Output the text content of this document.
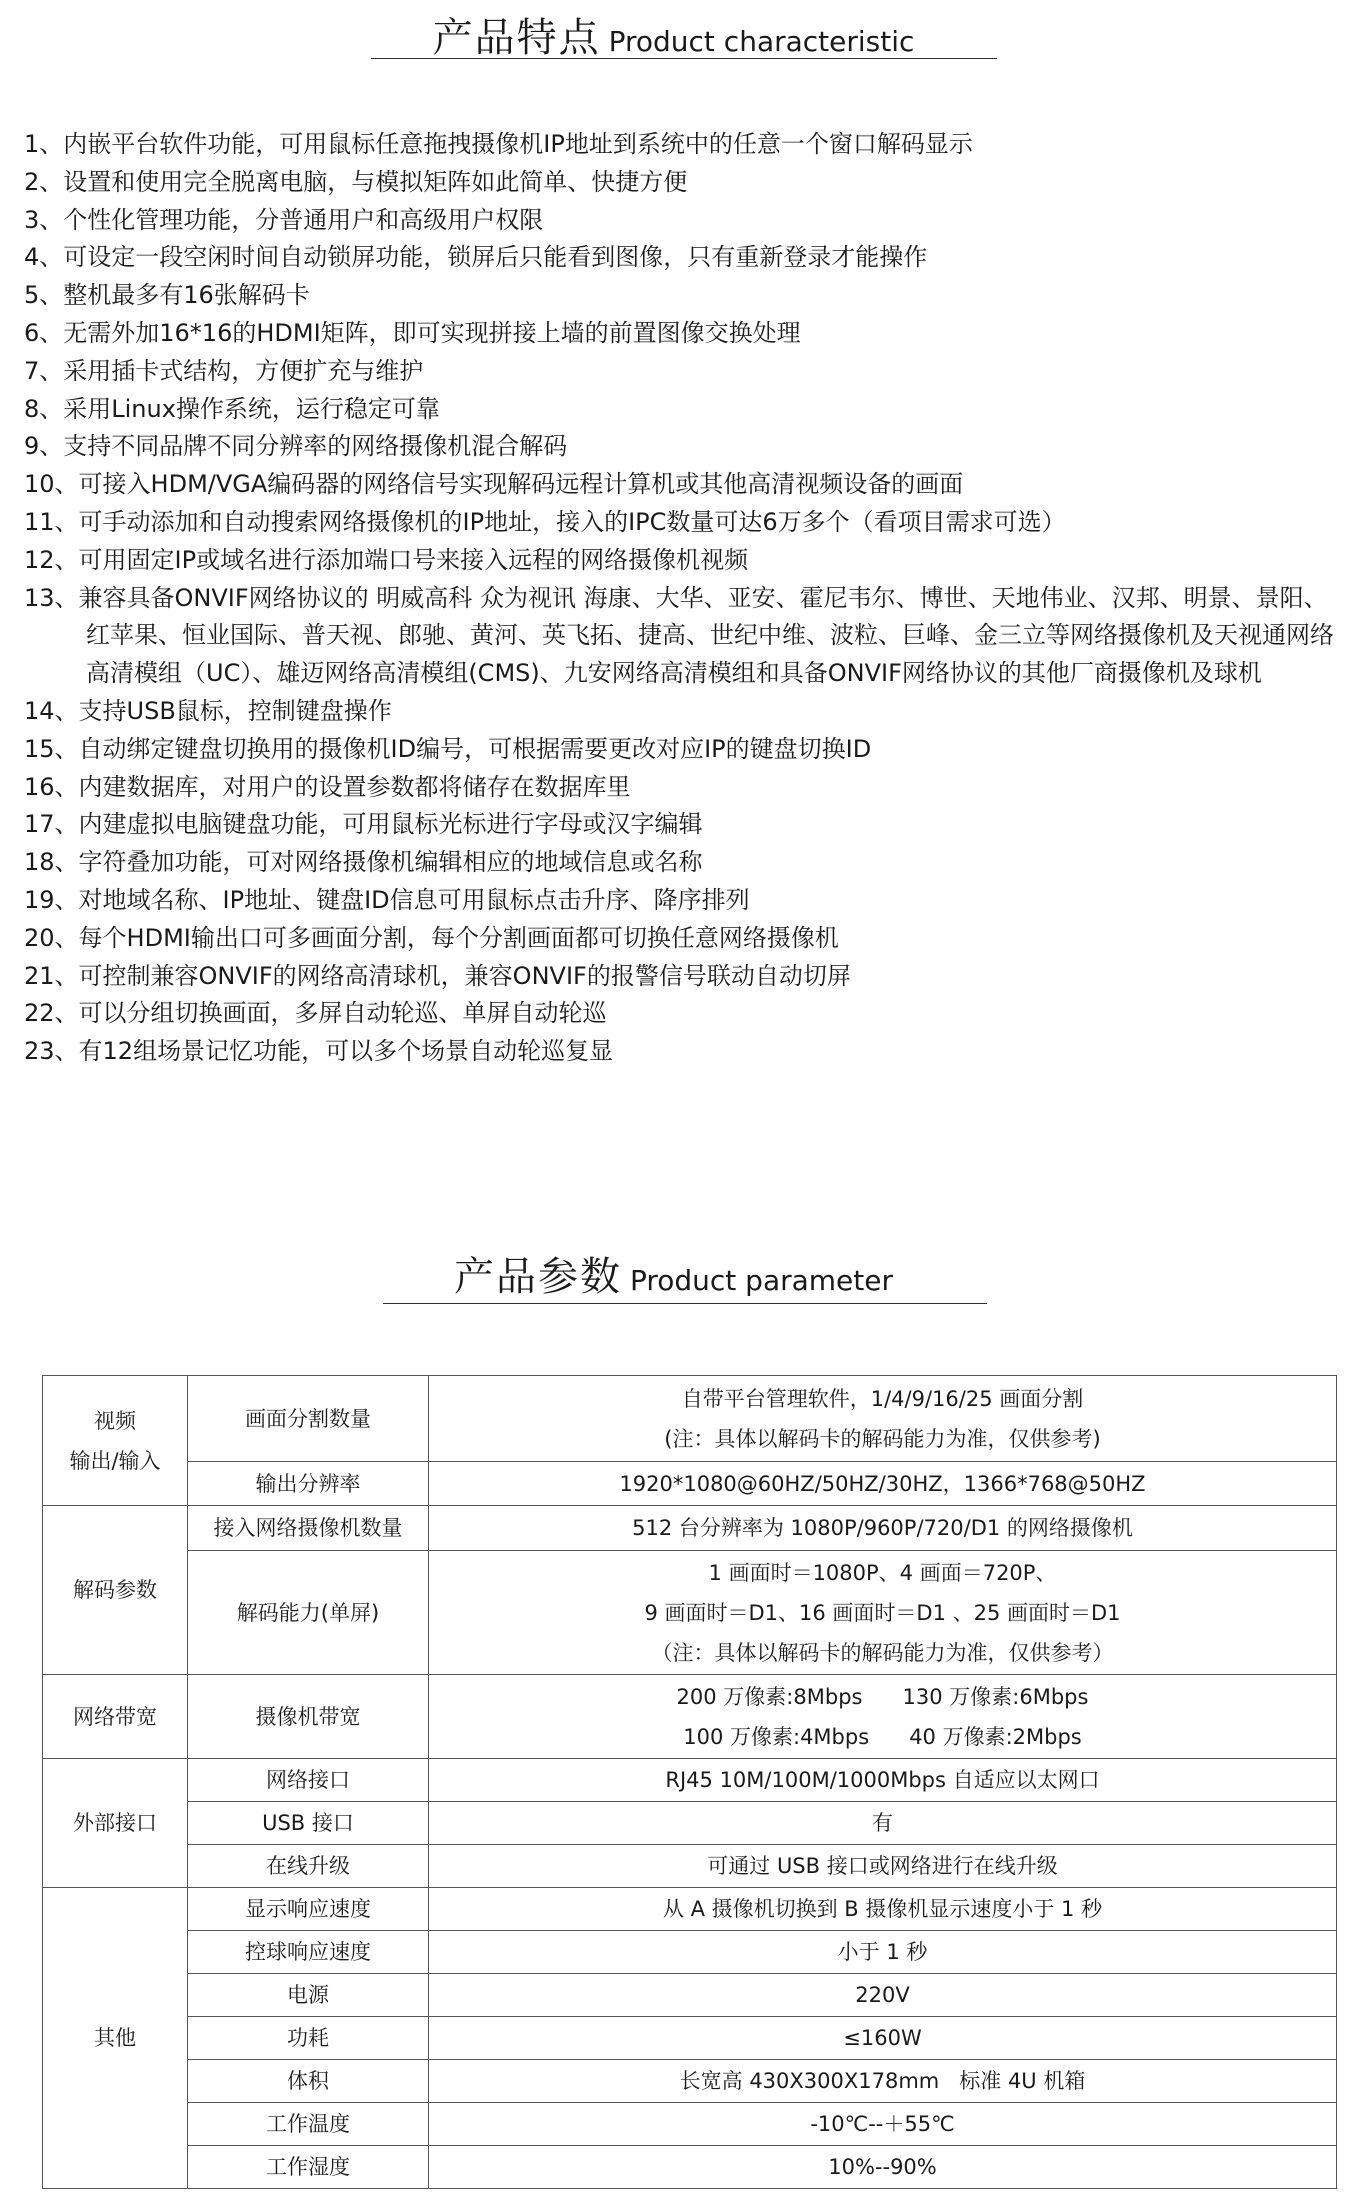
产品特点 Product characteristic
1、内嵌平台软件功能，可用鼠标任意拖拽摄像机IP地址到系统中的任意一个窗口解码显示
2、设置和使用完全脱离电脑，与模拟矩阵如此简单、快捷方便
3、个性化管理功能，分普通用户和高级用户权限
4、可设定一段空闲时间自动锁屏功能，锁屏后只能看到图像，只有重新登录才能操作
5、整机最多有16张解码卡
6、无需外加16*16的HDMI矩阵，即可实现拼接上墙的前置图像交换处理
7、采用插卡式结构，方便扩充与维护
8、采用Linux操作系统，运行稳定可靠
9、支持不同品牌不同分辨率的网络摄像机混合解码
10、可接入HDM/VGA编码器的网络信号实现解码远程计算机或其他高清视频设备的画面
11、可手动添加和自动搜索网络摄像机的IP地址，接入的IPC数量可达6万多个（看项目需求可选）
12、可用固定IP或域名进行添加端口号来接入远程的网络摄像机视频
13、兼容具备ONVIF网络协议的 明威高科 众为视讯 海康、大华、亚安、霍尼韦尔、博世、天地伟业、汉邦、明景、景阳、红苹果、恒业国际、普天视、郎驰、黄河、英飞拓、捷高、世纪中维、波粒、巨峰、金三立等网络摄像机及天视通网络高清模组（UC）、雄迈网络高清模组(CMS)、九安网络高清模组和具备ONVIF网络协议的其他厂商摄像机及球机
14、支持USB鼠标，控制键盘操作
15、自动绑定键盘切换用的摄像机ID编号，可根据需要更改对应IP的键盘切换ID
16、内建数据库，对用户的设置参数都将储存在数据库里
17、内建虚拟电脑键盘功能，可用鼠标光标进行字母或汉字编辑
18、字符叠加功能，可对网络摄像机编辑相应的地域信息或名称
19、对地域名称、IP地址、键盘ID信息可用鼠标点击升序、降序排列
20、每个HDMI输出口可多画面分割，每个分割画面都可切换任意网络摄像机
21、可控制兼容ONVIF的网络高清球机，兼容ONVIF的报警信号联动自动切屏
22、可以分组切换画面，多屏自动轮巡、单屏自动轮巡
23、有12组场景记忆功能，可以多个场景自动轮巡复显
产品参数 Product parameter
视频
输出/输入	画面分割数量	自带平台管理软件，1/4/9/16/25 画面分割
(注：具体以解码卡的解码能力为准，仅供参考)
	输出分辨率	1920*1080@60HZ/50HZ/30HZ，1366*768@50HZ
解码参数	接入网络摄像机数量	512 台分辨率为 1080P/960P/720/D1 的网络摄像机
	解码能力(单屏)	1 画面时＝1080P、4 画面＝720P、
9 画面时＝D1、16 画面时＝D1 、25 画面时＝D1
（注：具体以解码卡的解码能力为准，仅供参考）
网络带宽	摄像机带宽	200 万像素:8Mbps      130 万像素:6Mbps
100 万像素:4Mbps      40 万像素:2Mbps
外部接口	网络接口	RJ45 10M/100M/1000Mbps 自适应以太网口
	USB 接口	有
	在线升级	可通过 USB 接口或网络进行在线升级
其他	显示响应速度	从 A 摄像机切换到 B 摄像机显示速度小于 1 秒
	控球响应速度	小于 1 秒
	电源	220V
	功耗	≤160W
	体积	长宽高 430X300X178mm   标准 4U 机箱
	工作温度	-10℃--＋55℃
	工作湿度	10%--90%
